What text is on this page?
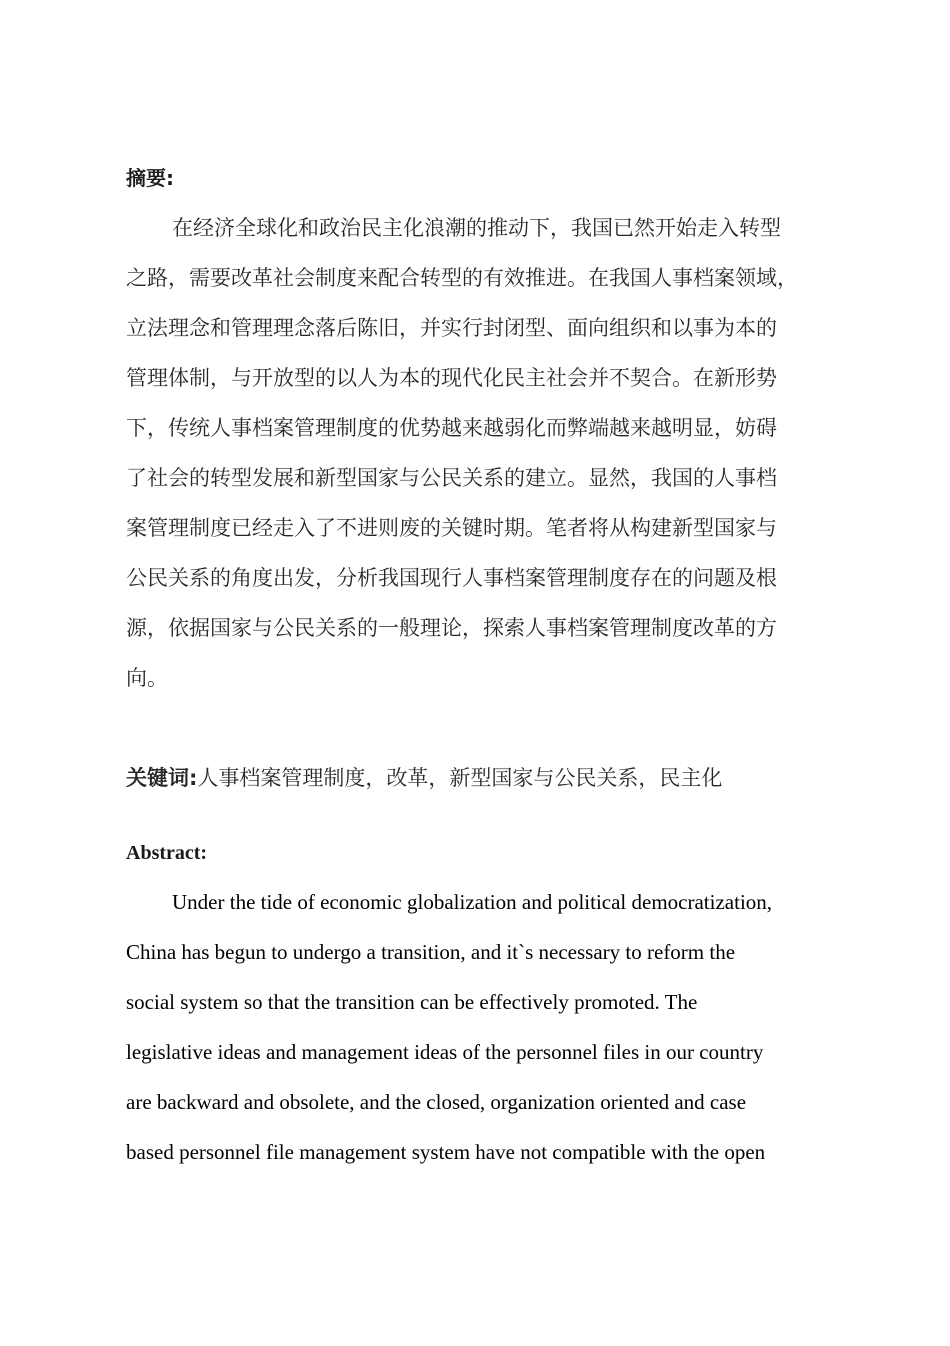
摘要:
在经济全球化和政治民主化浪潮的推动下，我国已然开始走入转型
之路，需要改革社会制度来配合转型的有效推进。在我国人事档案领域，
立法理念和管理理念落后陈旧，并实行封闭型、面向组织和以事为本的
管理体制，与开放型的以人为本的现代化民主社会并不契合。在新形势
下，传统人事档案管理制度的优势越来越弱化而弊端越来越明显，妨碍
了社会的转型发展和新型国家与公民关系的建立。显然，我国的人事档
案管理制度已经走入了不进则废的关键时期。笔者将从构建新型国家与
公民关系的角度出发，分析我国现行人事档案管理制度存在的问题及根
源，依据国家与公民关系的一般理论，探索人事档案管理制度改革的方
向。
关键词:人事档案管理制度，改革，新型国家与公民关系，民主化
Abstract:
Under the tide of economic globalization and political democratization,
China has begun to undergo a transition, and it`s necessary to reform the
social system so that the transition can be effectively promoted. The
legislative ideas and management ideas of the personnel files in our country
are backward and obsolete, and the closed, organization oriented and case
based personnel file management system have not compatible with the open
